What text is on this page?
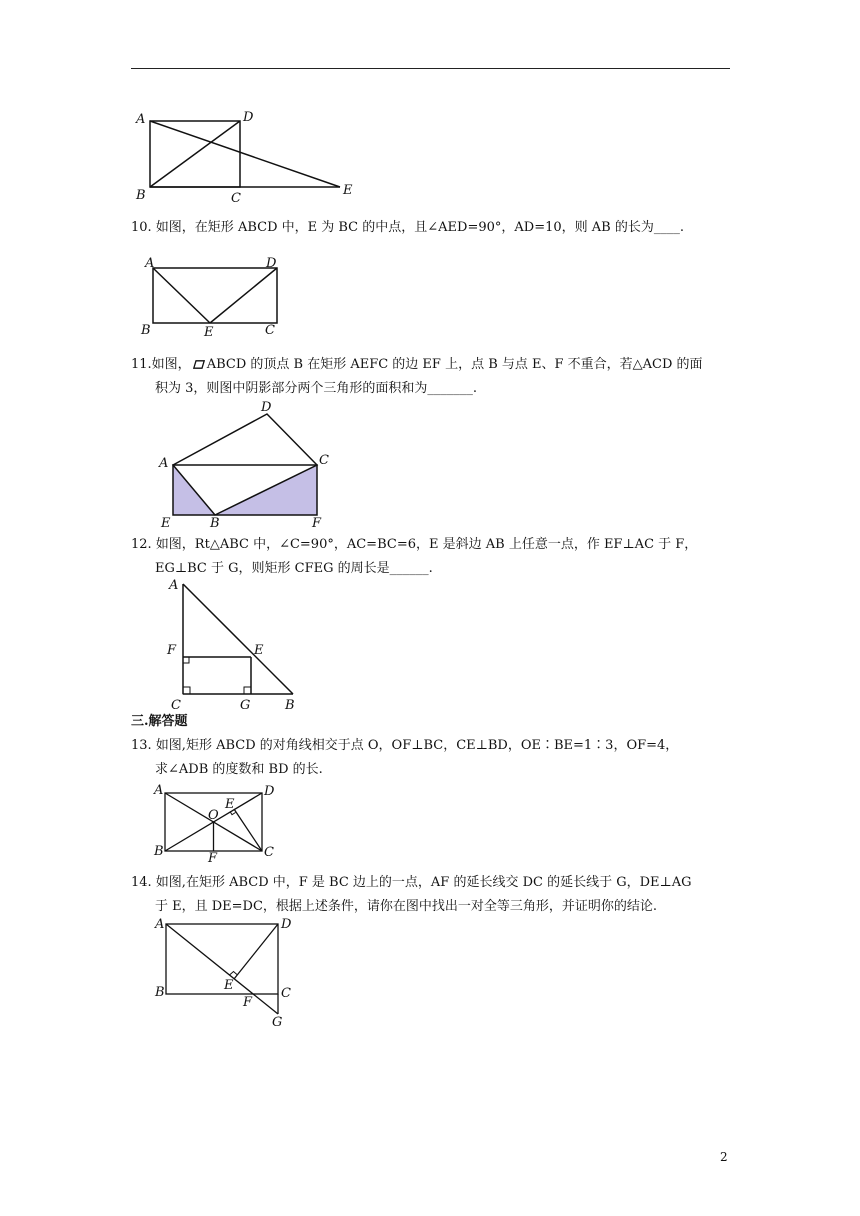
A	D
B	C
E
10. 如图，在矩形 ABCD 中，E 为 BC 的中点，且∠AED=90°，AD=10，则 AB 的长为____.
A	D
B	E	C
11.如图， ABCD 的顶点 B 在矩形 AEFC 的边 EF 上，点 B 与点 E、F 不重合，若△ACD 的面
积为 3，则图中阴影部分两个三角形的面积和为_______.
D
A	C
E	B	F
12. 如图，Rt△ABC 中，∠C=90°，AC=BC=6，E 是斜边 AB 上任意一点，作 EF⊥AC 于 F，
EG⊥BC 于 G，则矩形 CFEG 的周长是______.
A
F	E
C	G	B
三.解答题
13. 如图,矩形 ABCD 的对角线相交于点 O，OF⊥BC，CE⊥BD，OE∶BE=1∶3，OF=4，
求∠ADB 的度数和 BD 的长.
A	D
E
O
B	F	C
14. 如图,在矩形 ABCD 中，F 是 BC 边上的一点，AF 的延长线交 DC 的延长线于 G，DE⊥AG
于 E，且 DE=DC，根据上述条件，请你在图中找出一对全等三角形，并证明你的结论.
A	D
E
B	C
F
G
2
